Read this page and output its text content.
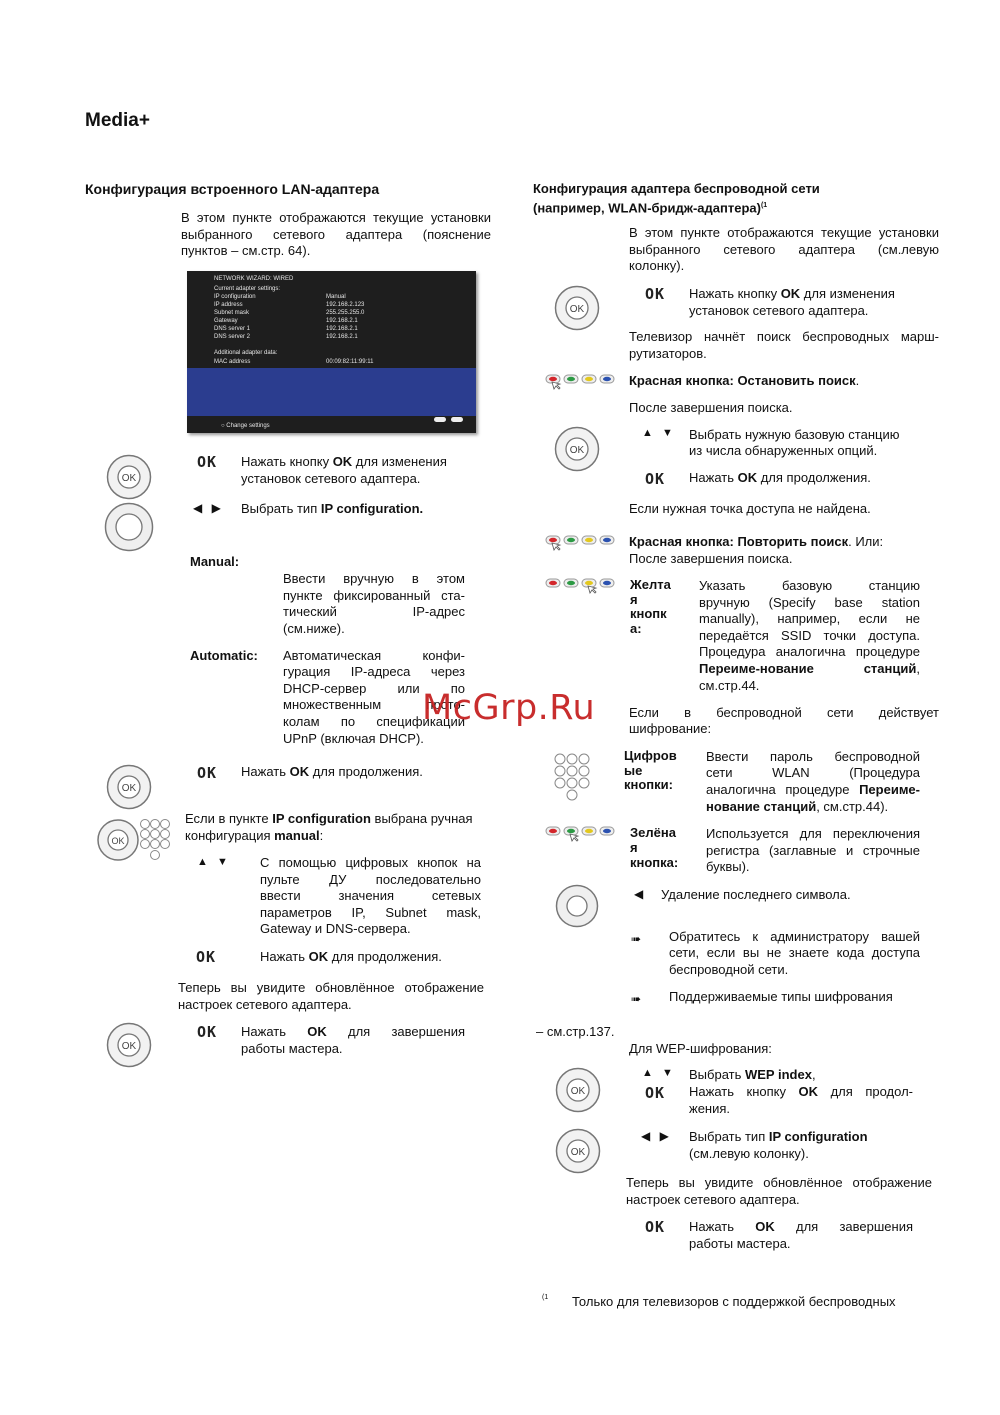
Media+
Конфигурация встроенного LAN-адаптера
В этом пункте отображаются текущие установки
выбранного сетевого адаптера (пояснение
пунктов – см.стр. 64).
NETWORK WIZARD: WIRED
Current adapter settings:
IP configuration	Manual
IP address	192.168.2.123
Subnet mask	255.255.255.0
Gateway	192.168.2.1
DNS server 1	192.168.2.1
DNS server 2	192.168.2.1
Additional adapter data:
MAC address	00:09:82:11:99:11
○ Change settings
OK
OK Нажать кнопку OK для изменения
установок сетевого адаптера.
◀ ▶ Выбрать тип IP configuration.
Manual:
Ввести вручную в этом
пункте фиксированный ста-
тический IP-адрес
(см.ниже).
Automatic: Автоматическая конфи-
гурация IP-адреса через
DHCP-сервер или по
множественным прото-
колам по спецификации
UPnP (включая DHCP).
OK
OK Нажать OK для продолжения.
OK
Если в пункте IP configuration выбрана ручная
конфигурация manual:
▲ ▼ С помощью цифровых кнопок на
пульте ДУ последовательно
ввести значения сетевых
параметров IP, Subnet mask,
Gateway и DNS-сервера.
OK	Нажать OK для продолжения.
Теперь вы увидите обновлённое отображение
настроек сетевого адаптера.
OK
OK Нажать OK для завершения
работы мастера.
Конфигурация адаптера беспроводной сети
(например, WLAN-бридж-адаптера)$^{(1}$
В этом пункте отображаются текущие установки
выбранного сетевого адаптера (см.левую
колонку).
OK
OK Нажать кнопку OK для изменения
установок сетевого адаптера.
Телевизор начнёт поиск беспроводных марш-
рутизаторов.
Красная кнопка: Остановить поиск.
После завершения поиска.
OK
▲ ▼ Выбрать нужную базовую станцию
из числа обнаруженных опций.
OK Нажать OK для продолжения.
Если нужная точка доступа не найдена.
Красная кнопка: Повторить поиск. Или:
После завершения поиска.
Желта
я
кнопк
а:
Указать базовую станцию
вручную (Specify base station
manually), например, если не
передаётся SSID точки доступа.
Процедура аналогична процедуре
Переиме-нование станций,
см.стр.44.
Если в беспроводной сети действует
шифрование:
Цифров
ые
кнопки:
Ввести пароль беспроводной
сети WLAN (Процедура
аналогична процедуре Переиме-
нование станций, см.стр.44).
Зелёна
я
кнопка:
Используется для переключения
регистра (заглавные и строчные
буквы).
◀ Удаление последнего символа.
➠ Обратитесь к администратору вашей
сети, если вы не знаете кода доступа
беспроводной сети.
➠ Поддерживаемые типы шифрования
– см.стр.137.
Для WEP-шифрования:
OK
▲ ▼ Выбрать WEP index,
OK Нажать кнопку OK для продол-
жения.
OK
◀ ▶ Выбрать тип IP configuration
(см.левую колонку).
Теперь вы увидите обновлённое отображение
настроек сетевого адаптера.
OK Нажать OK для завершения
работы мастера.
(1 Только для телевизоров с поддержкой беспроводных
McGrp.Ru
